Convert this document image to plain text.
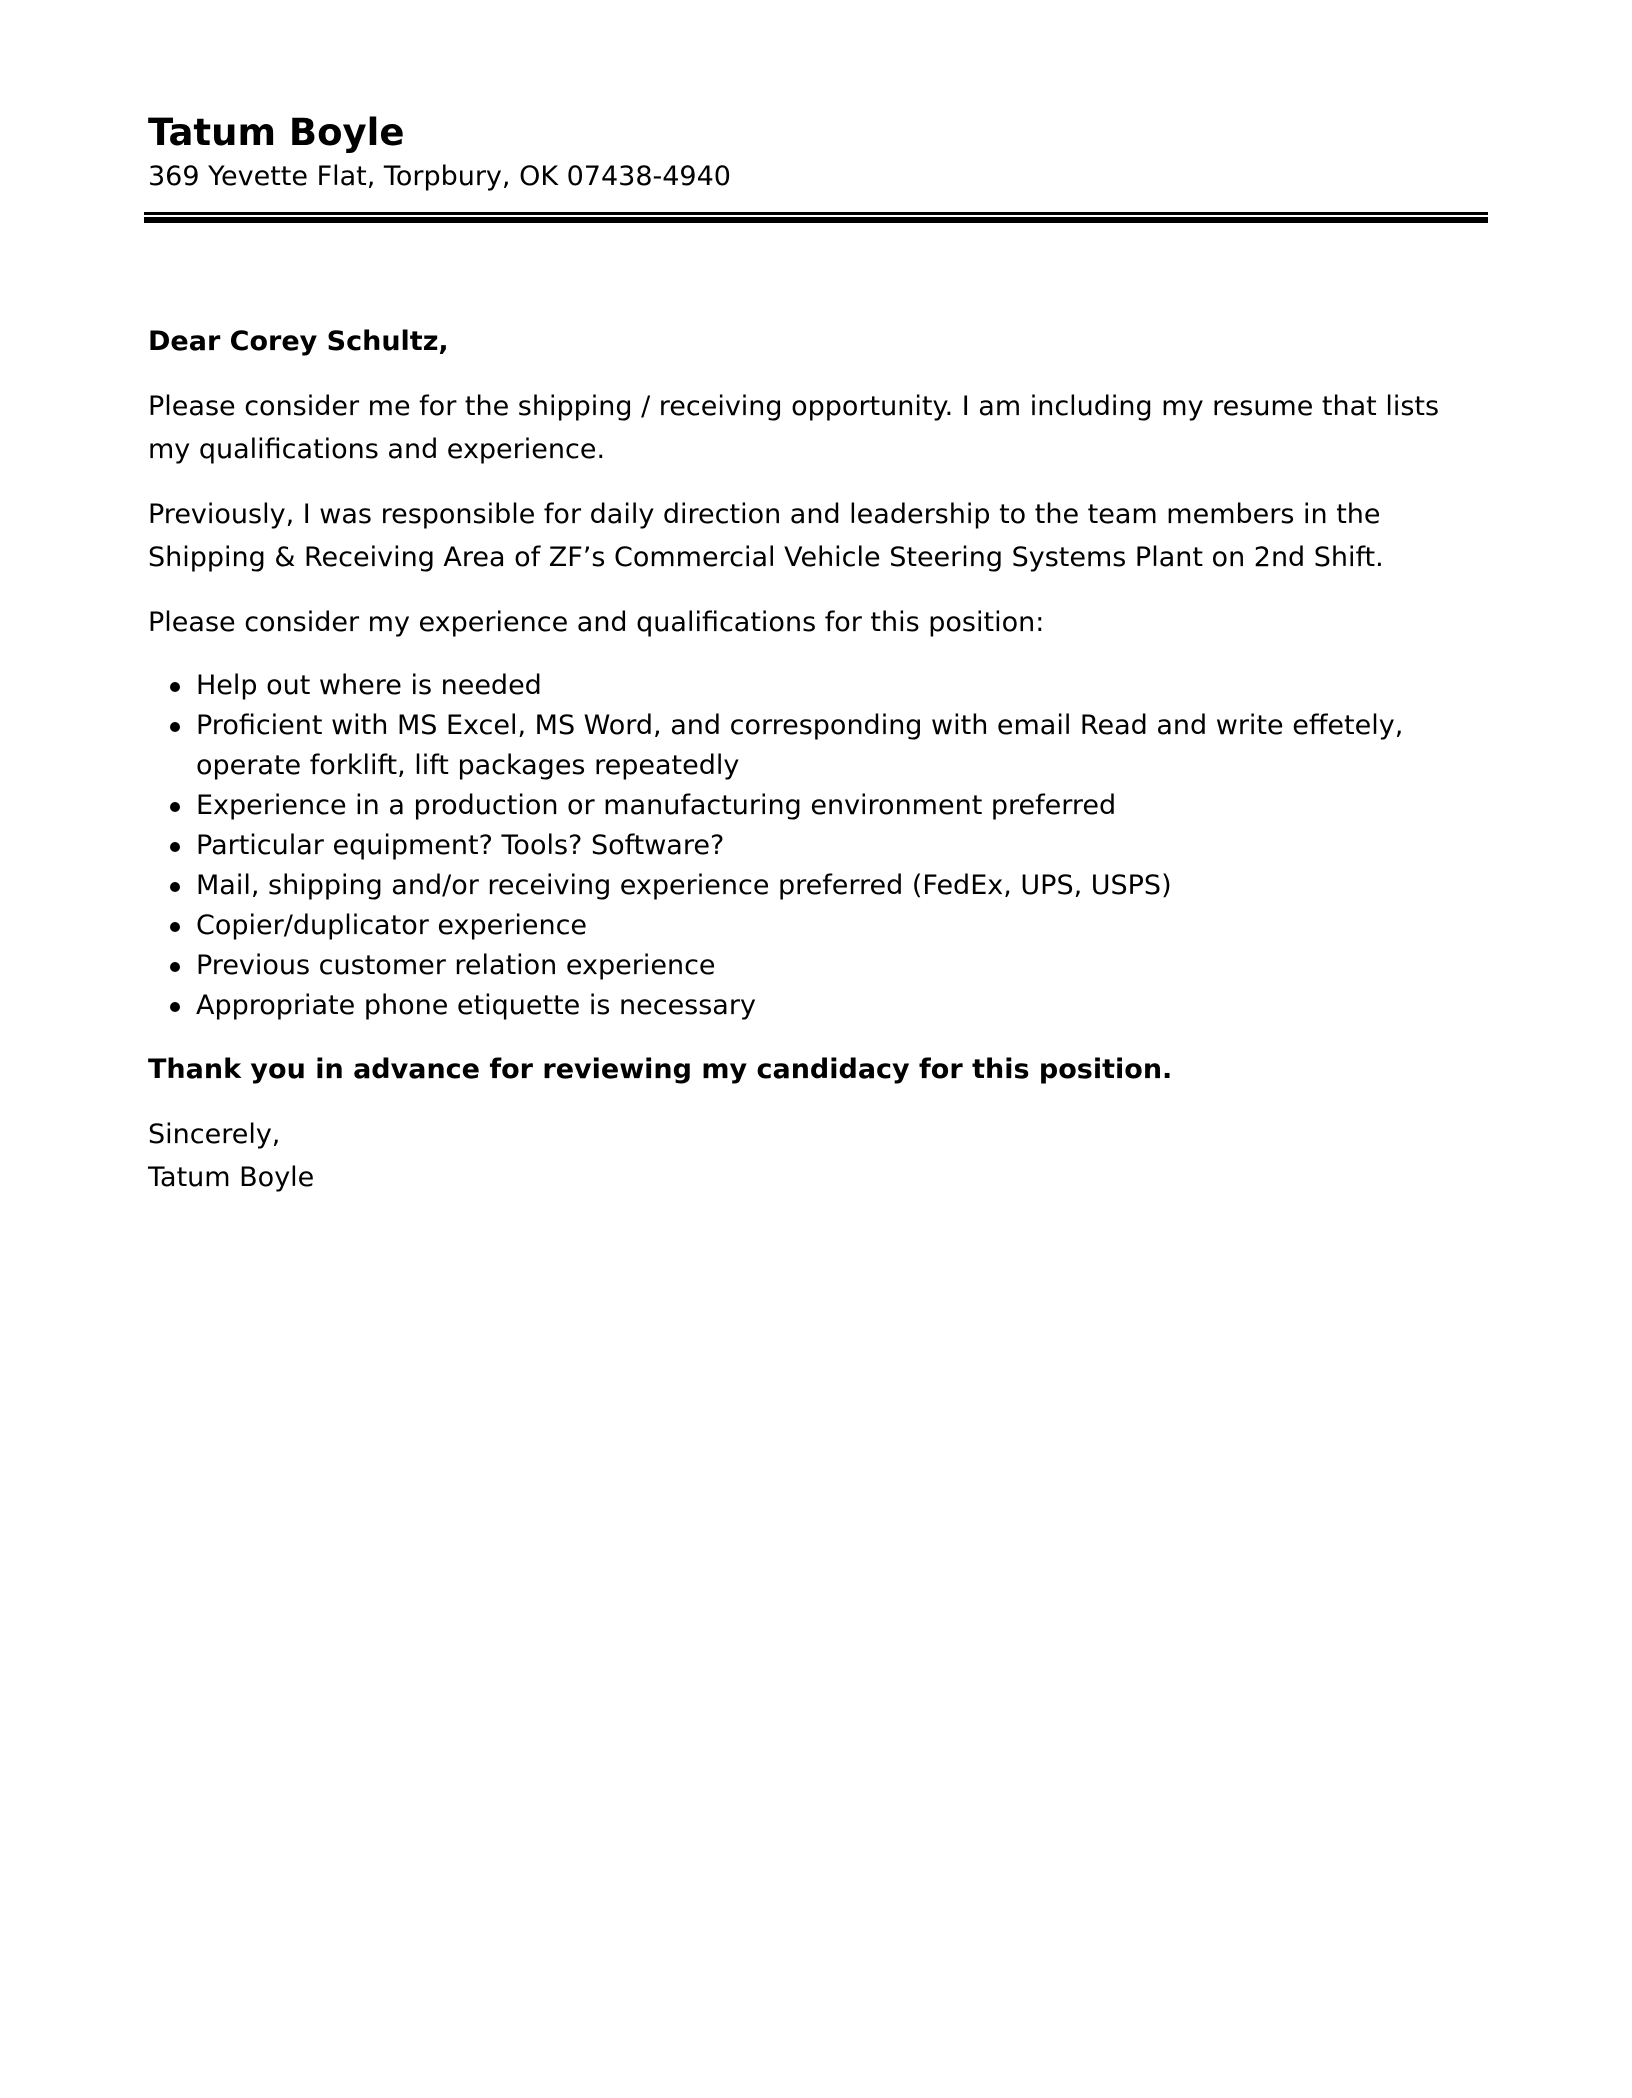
Tatum Boyle

369 Yevette Flat, Torpbury, OK 07438-4940

Dear Corey Schultz,

Please consider me for the shipping / receiving opportunity. I am including my resume that lists my qualifications and experience.

Previously, I was responsible for daily direction and leadership to the team members in the Shipping & Receiving Area of ZF’s Commercial Vehicle Steering Systems Plant on 2nd Shift.

Please consider my experience and qualifications for this position:

Help out where is needed
Proficient with MS Excel, MS Word, and corresponding with email Read and write effetely, operate forklift, lift packages repeatedly
Experience in a production or manufacturing environment preferred
Particular equipment? Tools? Software?
Mail, shipping and/or receiving experience preferred (FedEx, UPS, USPS)
Copier/duplicator experience
Previous customer relation experience
Appropriate phone etiquette is necessary

Thank you in advance for reviewing my candidacy for this position.

Sincerely,

Tatum Boyle
